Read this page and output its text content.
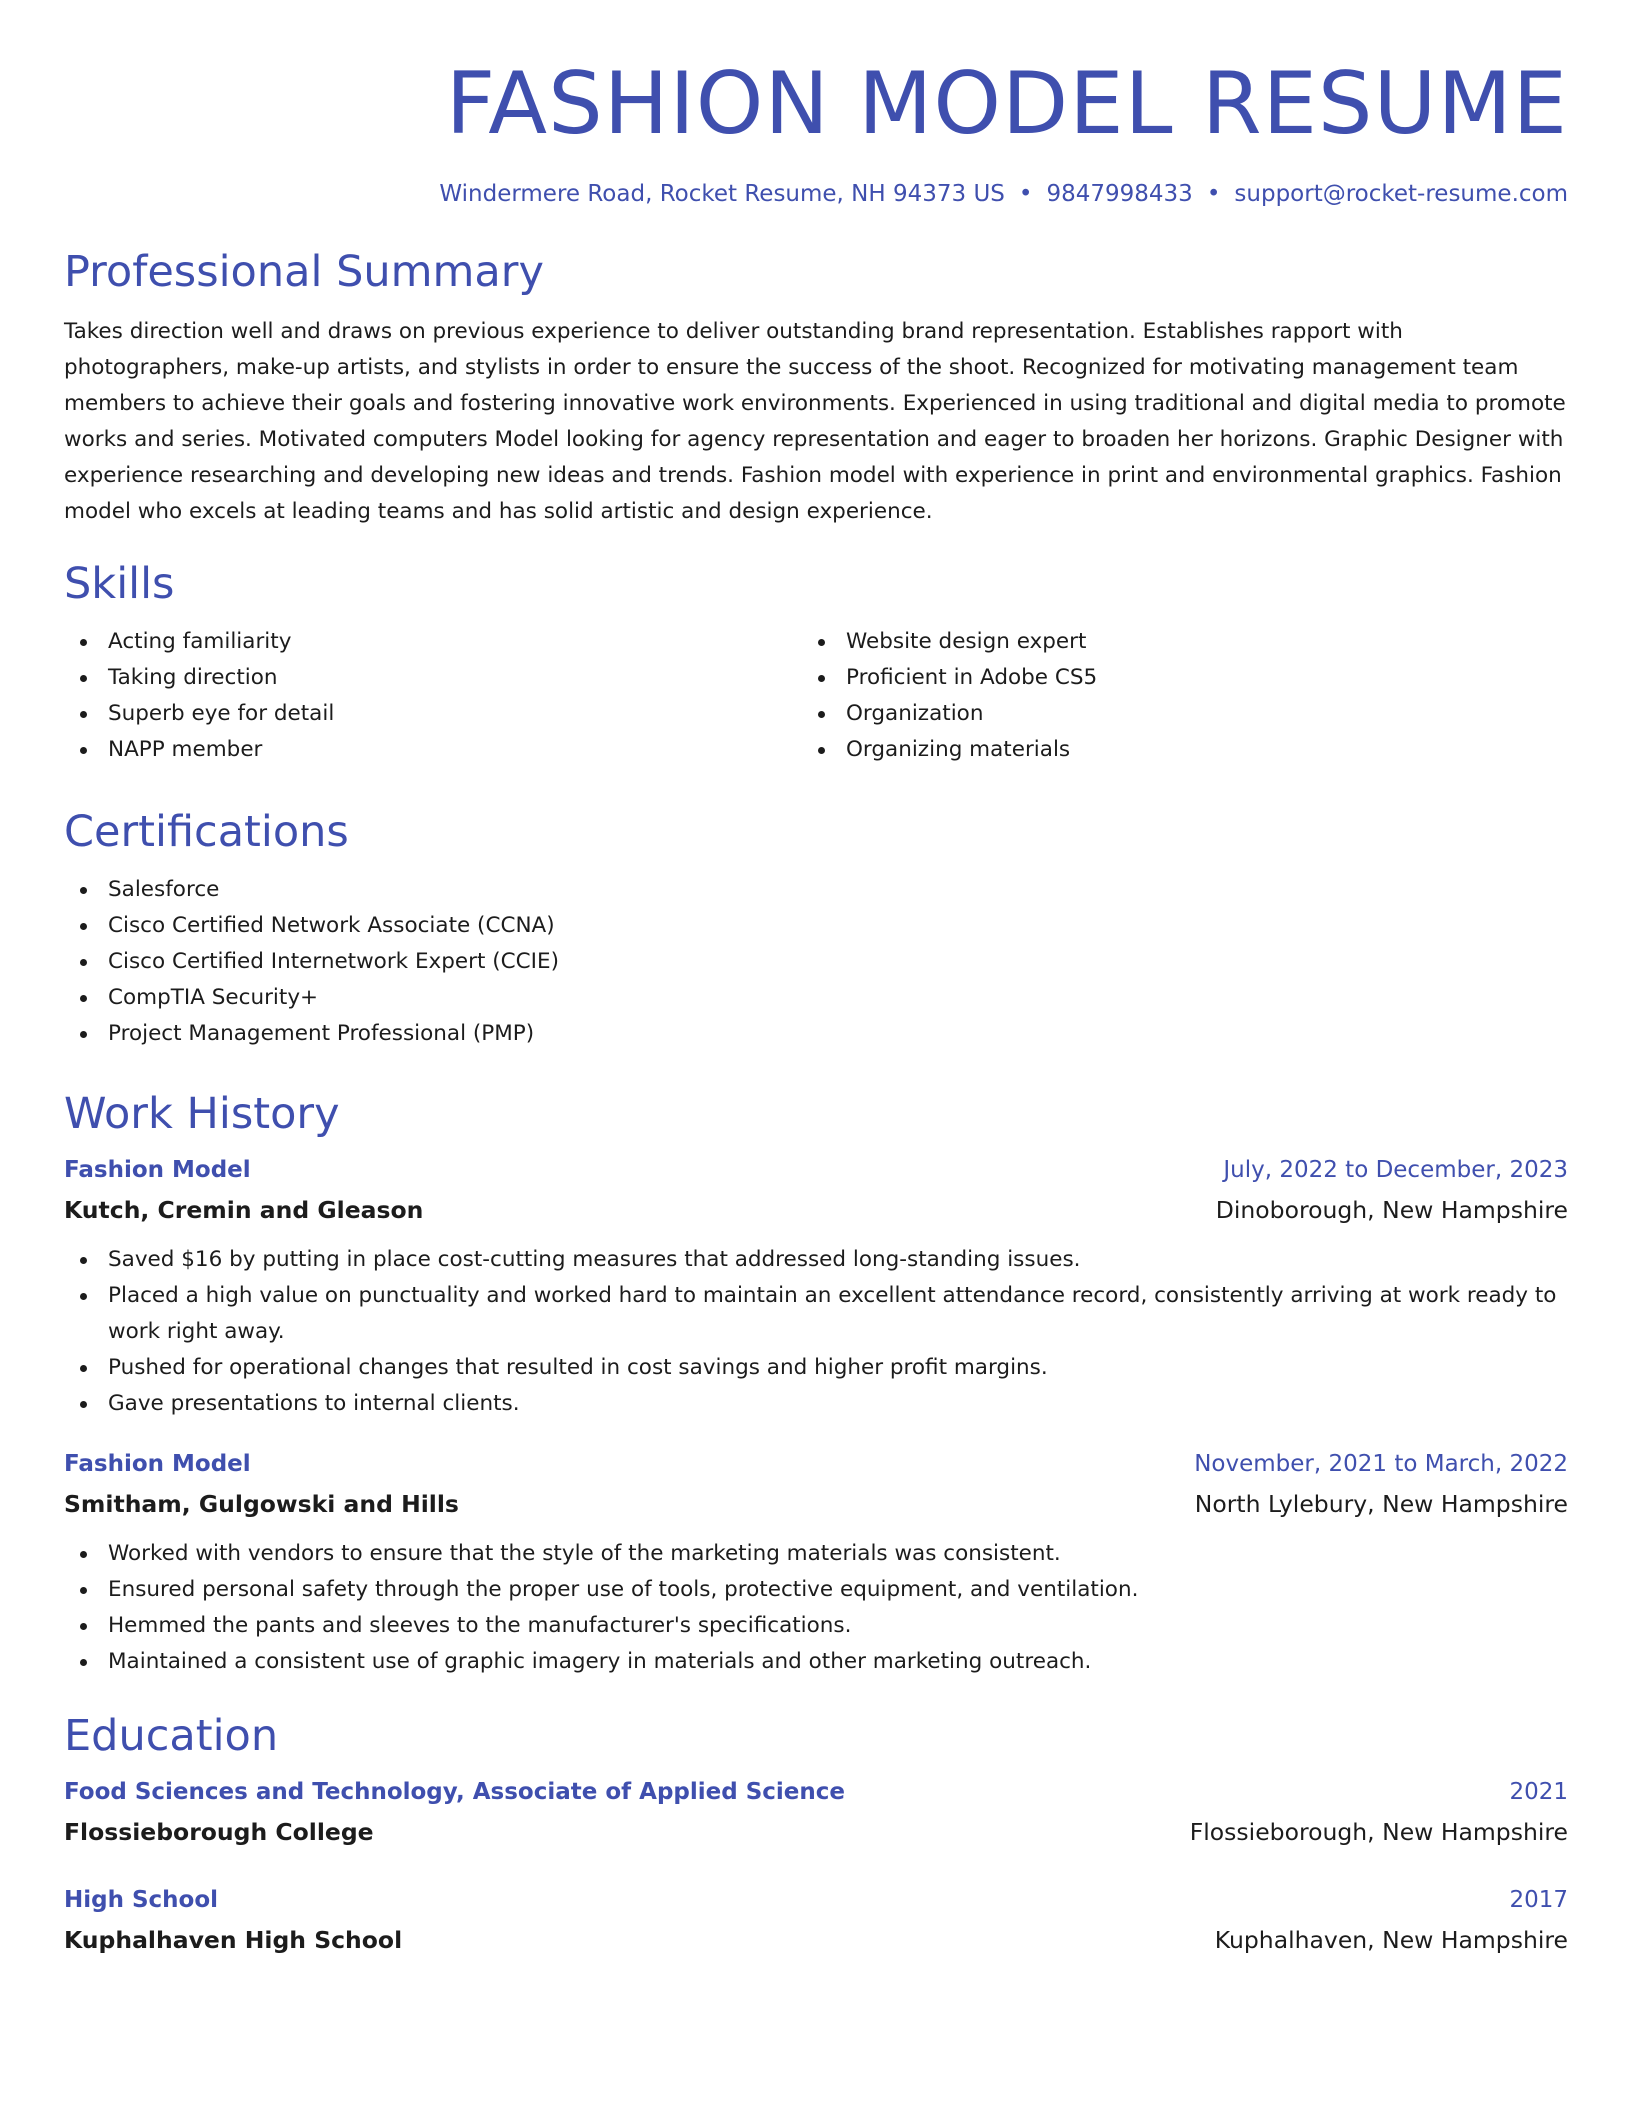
FASHION MODEL RESUME
Windermere Road, Rocket Resume, NH 94373 US • 9847998433 • support@rocket-resume.com
Professional Summary

Takes direction well and draws on previous experience to deliver outstanding brand representation. Establishes rapport with photographers, make-up artists, and stylists in order to ensure the success of the shoot. Recognized for motivating management team members to achieve their goals and fostering innovative work environments. Experienced in using traditional and digital media to promote works and series. Motivated computers Model looking for agency representation and eager to broaden her horizons. Graphic Designer with experience researching and developing new ideas and trends. Fashion model with experience in print and environmental graphics. Fashion model who excels at leading teams and has solid artistic and design experience.

Skills
Acting familiarity
Taking direction
Superb eye for detail
NAPP member
Website design expert
Proficient in Adobe CS5
Organization
Organizing materials
Certifications
Salesforce
Cisco Certified Network Associate (CCNA)
Cisco Certified Internetwork Expert (CCIE)
CompTIA Security+
Project Management Professional (PMP)
Work History
Fashion Model	July, 2022 to December, 2023
Kutch, Cremin and Gleason	Dinoborough, New Hampshire
Saved $16 by putting in place cost-cutting measures that addressed long-standing issues.
Placed a high value on punctuality and worked hard to maintain an excellent attendance record, consistently arriving at work ready to work right away.
Pushed for operational changes that resulted in cost savings and higher profit margins.
Gave presentations to internal clients.
Fashion Model	November, 2021 to March, 2022
Smitham, Gulgowski and Hills	North Lylebury, New Hampshire
Worked with vendors to ensure that the style of the marketing materials was consistent.
Ensured personal safety through the proper use of tools, protective equipment, and ventilation.
Hemmed the pants and sleeves to the manufacturer's specifications.
Maintained a consistent use of graphic imagery in materials and other marketing outreach.
Education
Food Sciences and Technology, Associate of Applied Science	2021
Flossieborough College	Flossieborough, New Hampshire
High School	2017
Kuphalhaven High School	Kuphalhaven, New Hampshire
